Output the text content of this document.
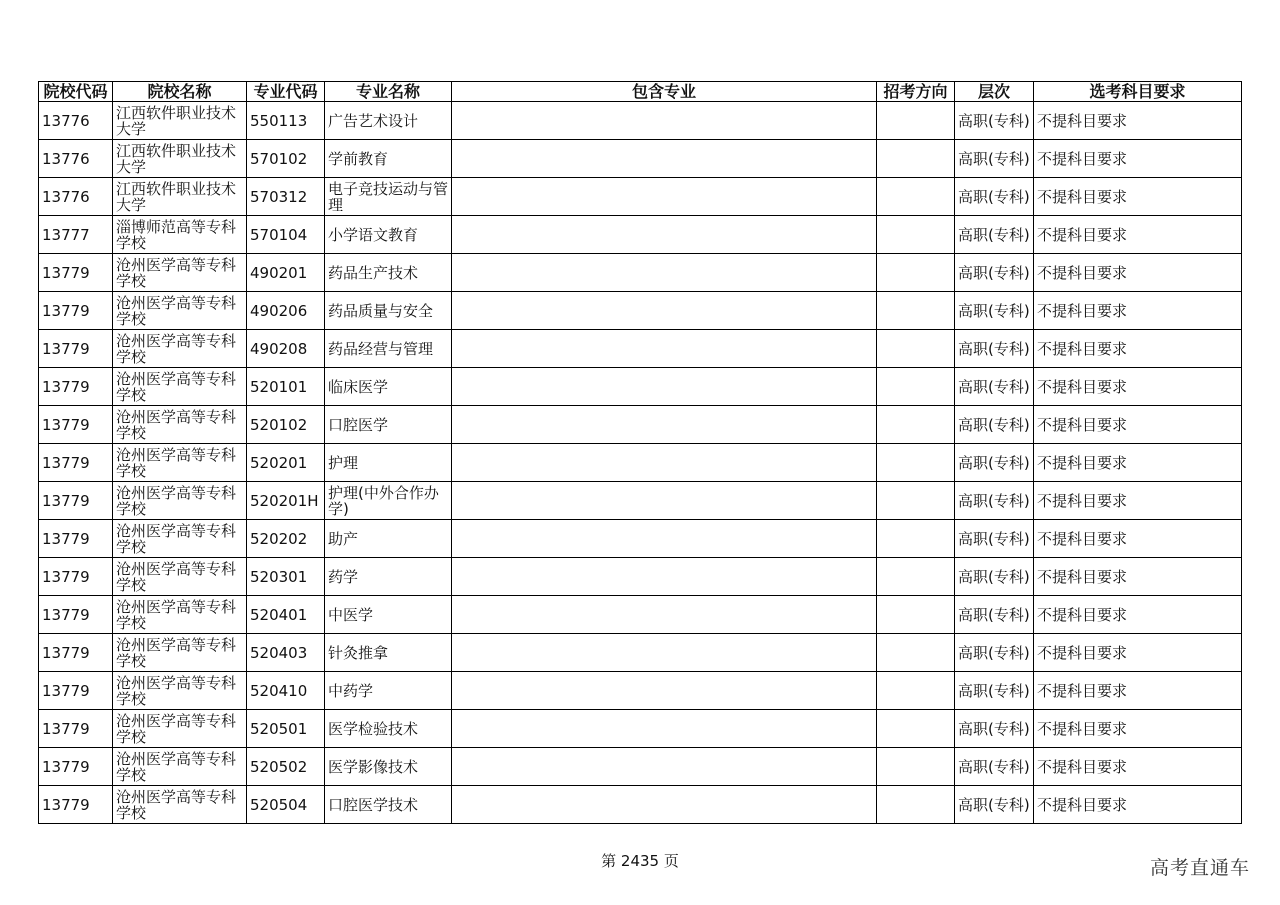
院校代码	院校名称	专业代码	专业名称	包含专业	招考方向	层次	选考科目要求
13776	江西软件职业技术大学	550113	广告艺术设计			高职(专科)	不提科目要求
13776	江西软件职业技术大学	570102	学前教育			高职(专科)	不提科目要求
13776	江西软件职业技术大学	570312	电子竞技运动与管理			高职(专科)	不提科目要求
13777	淄博师范高等专科学校	570104	小学语文教育			高职(专科)	不提科目要求
13779	沧州医学高等专科学校	490201	药品生产技术			高职(专科)	不提科目要求
13779	沧州医学高等专科学校	490206	药品质量与安全			高职(专科)	不提科目要求
13779	沧州医学高等专科学校	490208	药品经营与管理			高职(专科)	不提科目要求
13779	沧州医学高等专科学校	520101	临床医学			高职(专科)	不提科目要求
13779	沧州医学高等专科学校	520102	口腔医学			高职(专科)	不提科目要求
13779	沧州医学高等专科学校	520201	护理			高职(专科)	不提科目要求
13779	沧州医学高等专科学校	520201H	护理(中外合作办学)			高职(专科)	不提科目要求
13779	沧州医学高等专科学校	520202	助产			高职(专科)	不提科目要求
13779	沧州医学高等专科学校	520301	药学			高职(专科)	不提科目要求
13779	沧州医学高等专科学校	520401	中医学			高职(专科)	不提科目要求
13779	沧州医学高等专科学校	520403	针灸推拿			高职(专科)	不提科目要求
13779	沧州医学高等专科学校	520410	中药学			高职(专科)	不提科目要求
13779	沧州医学高等专科学校	520501	医学检验技术			高职(专科)	不提科目要求
13779	沧州医学高等专科学校	520502	医学影像技术			高职(专科)	不提科目要求
13779	沧州医学高等专科学校	520504	口腔医学技术			高职(专科)	不提科目要求
第 2435 页	高考直通车
